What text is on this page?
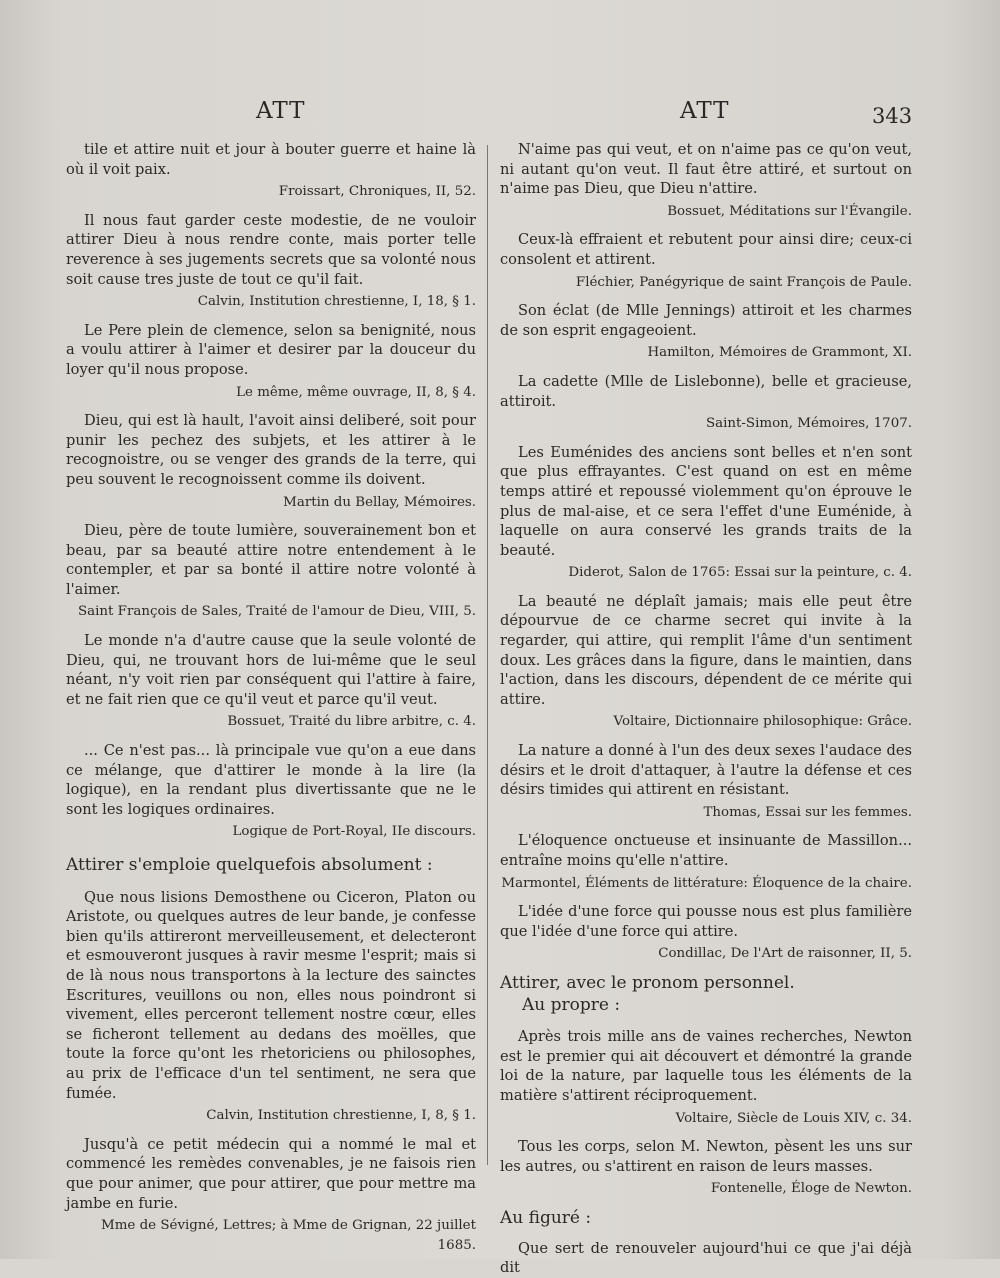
ATT	ATT	343

tile et attire nuit et jour à bouter guerre et haine là où il voit paix.

Froissart, Chroniques, II, 52.

Il nous faut garder ceste modestie, de ne vouloir attirer Dieu à nous rendre conte, mais porter telle reverence à ses jugements secrets que sa volonté nous soit cause tres juste de tout ce qu'il fait.

Calvin, Institution chrestienne, I, 18, § 1.

Le Pere plein de clemence, selon sa benignité, nous a voulu attirer à l'aimer et desirer par la douceur du loyer qu'il nous propose.

Le même, même ouvrage, II, 8, § 4.

Dieu, qui est là hault, l'avoit ainsi deliberé, soit pour punir les pechez des subjets, et les attirer à le recognoistre, ou se venger des grands de la terre, qui peu souvent le recognoissent comme ils doivent.

Martin du Bellay, Mémoires.

Dieu, père de toute lumière, souverainement bon et beau, par sa beauté attire notre entendement à le contempler, et par sa bonté il attire notre volonté à l'aimer.

Saint François de Sales, Traité de l'amour de Dieu, VIII, 5.

Le monde n'a d'autre cause que la seule volonté de Dieu, qui, ne trouvant hors de lui-même que le seul néant, n'y voit rien par conséquent qui l'attire à faire, et ne fait rien que ce qu'il veut et parce qu'il veut.

Bossuet, Traité du libre arbitre, c. 4.

... Ce n'est pas... là principale vue qu'on a eue dans ce mélange, que d'attirer le monde à la lire (la logique), en la rendant plus divertissante que ne le sont les logiques ordinaires.

Logique de Port-Royal, IIe discours.

Attirer s'emploie quelquefois absolument :

Que nous lisions Demosthene ou Ciceron, Platon ou Aristote, ou quelques autres de leur bande, je confesse bien qu'ils attireront merveilleusement, et delecteront et esmouveront jusques à ravir mesme l'esprit; mais si de là nous nous transportons à la lecture des sainctes Escritures, veuillons ou non, elles nous poindront si vivement, elles perceront tellement nostre cœur, elles se ficheront tellement au dedans des moëlles, que toute la force qu'ont les rhetoriciens ou philosophes, au prix de l'efficace d'un tel sentiment, ne sera que fumée.

Calvin, Institution chrestienne, I, 8, § 1.

Jusqu'à ce petit médecin qui a nommé le mal et commencé les remèdes convenables, je ne faisois rien que pour animer, que pour attirer, que pour mettre ma jambe en furie.

Mme de Sévigné, Lettres; à Mme de Grignan, 22 juillet 1685.

N'aime pas qui veut, et on n'aime pas ce qu'on veut, ni autant qu'on veut. Il faut être attiré, et surtout on n'aime pas Dieu, que Dieu n'attire.

Bossuet, Méditations sur l'Évangile.

Ceux-là effraient et rebutent pour ainsi dire; ceux-ci consolent et attirent.

Fléchier, Panégyrique de saint François de Paule.

Son éclat (de Mlle Jennings) attiroit et les charmes de son esprit engageoient.

Hamilton, Mémoires de Grammont, XI.

La cadette (Mlle de Lislebonne), belle et gracieuse, attiroit.

Saint-Simon, Mémoires, 1707.

Les Euménides des anciens sont belles et n'en sont que plus effrayantes. C'est quand on est en même temps attiré et repoussé violemment qu'on éprouve le plus de mal-aise, et ce sera l'effet d'une Euménide, à laquelle on aura conservé les grands traits de la beauté.

Diderot, Salon de 1765: Essai sur la peinture, c. 4.

La beauté ne déplaît jamais; mais elle peut être dépourvue de ce charme secret qui invite à la regarder, qui attire, qui remplit l'âme d'un sentiment doux. Les grâces dans la figure, dans le maintien, dans l'action, dans les discours, dépendent de ce mérite qui attire.

Voltaire, Dictionnaire philosophique: Grâce.

La nature a donné à l'un des deux sexes l'audace des désirs et le droit d'attaquer, à l'autre la défense et ces désirs timides qui attirent en résistant.

Thomas, Essai sur les femmes.

L'éloquence onctueuse et insinuante de Massillon... entraîne moins qu'elle n'attire.

Marmontel, Éléments de littérature: Éloquence de la chaire.

L'idée d'une force qui pousse nous est plus familière que l'idée d'une force qui attire.

Condillac, De l'Art de raisonner, II, 5.

Attirer, avec le pronom personnel.

Au propre :

Après trois mille ans de vaines recherches, Newton est le premier qui ait découvert et démontré la grande loi de la nature, par laquelle tous les éléments de la matière s'attirent réciproquement.

Voltaire, Siècle de Louis XIV, c. 34.

Tous les corps, selon M. Newton, pèsent les uns sur les autres, ou s'attirent en raison de leurs masses.

Fontenelle, Éloge de Newton.

Au figuré :

Que sert de renouveler aujourd'hui ce que j'ai déjà dit
